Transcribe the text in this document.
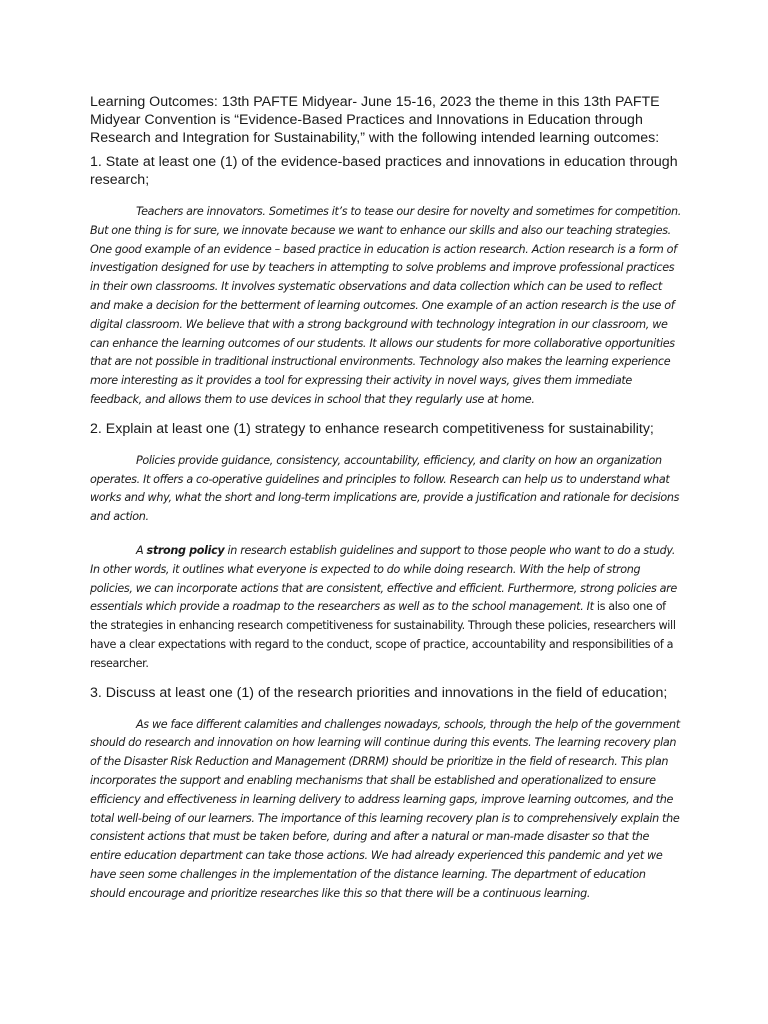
Learning Outcomes: 13th PAFTE Midyear- June 15-16, 2023 the theme in this 13th PAFTE Midyear Convention is “Evidence-Based Practices and Innovations in Education through Research and Integration for Sustainability,” with the following intended learning outcomes:

1. State at least one (1) of the evidence-based practices and innovations in education through research;

Teachers are innovators. Sometimes it’s to tease our desire for novelty and sometimes for competition. But one thing is for sure, we innovate because we want to enhance our skills and also our teaching strategies. One good example of an evidence – based practice in education is action research. Action research is a form of investigation designed for use by teachers in attempting to solve problems and improve professional practices in their own classrooms. It involves systematic observations and data collection which can be used to reflect and make a decision for the betterment of learning outcomes. One example of an action research is the use of digital classroom. We believe that with a strong background with technology integration in our classroom, we can enhance the learning outcomes of our students. It allows our students for more collaborative opportunities that are not possible in traditional instructional environments. Technology also makes the learning experience more interesting as it provides a tool for expressing their activity in novel ways, gives them immediate feedback, and allows them to use devices in school that they regularly use at home.

2. Explain at least one (1) strategy to enhance research competitiveness for sustainability;

Policies provide guidance, consistency, accountability, efficiency, and clarity on how an organization operates. It offers a co-operative guidelines and principles to follow. Research can help us to understand what works and why, what the short and long-term implications are, provide a justification and rationale for decisions and action.

A strong policy in research establish guidelines and support to those people who want to do a study. In other words, it outlines what everyone is expected to do while doing research. With the help of strong policies, we can incorporate actions that are consistent, effective and efficient. Furthermore, strong policies are essentials which provide a roadmap to the researchers as well as to the school management. It is also one of the strategies in enhancing research competitiveness for sustainability. Through these policies, researchers will have a clear expectations with regard to the conduct, scope of practice, accountability and responsibilities of a researcher.

3. Discuss at least one (1) of the research priorities and innovations in the field of education;

As we face different calamities and challenges nowadays, schools, through the help of the government should do research and innovation on how learning will continue during this events. The learning recovery plan of the Disaster Risk Reduction and Management (DRRM) should be prioritize in the field of research. This plan incorporates the support and enabling mechanisms that shall be established and operationalized to ensure efficiency and effectiveness in learning delivery to address learning gaps, improve learning outcomes, and the total well-being of our learners. The importance of this learning recovery plan is to comprehensively explain the consistent actions that must be taken before, during and after a natural or man-made disaster so that the entire education department can take those actions. We had already experienced this pandemic and yet we have seen some challenges in the implementation of the distance learning. The department of education should encourage and prioritize researches like this so that there will be a continuous learning.
